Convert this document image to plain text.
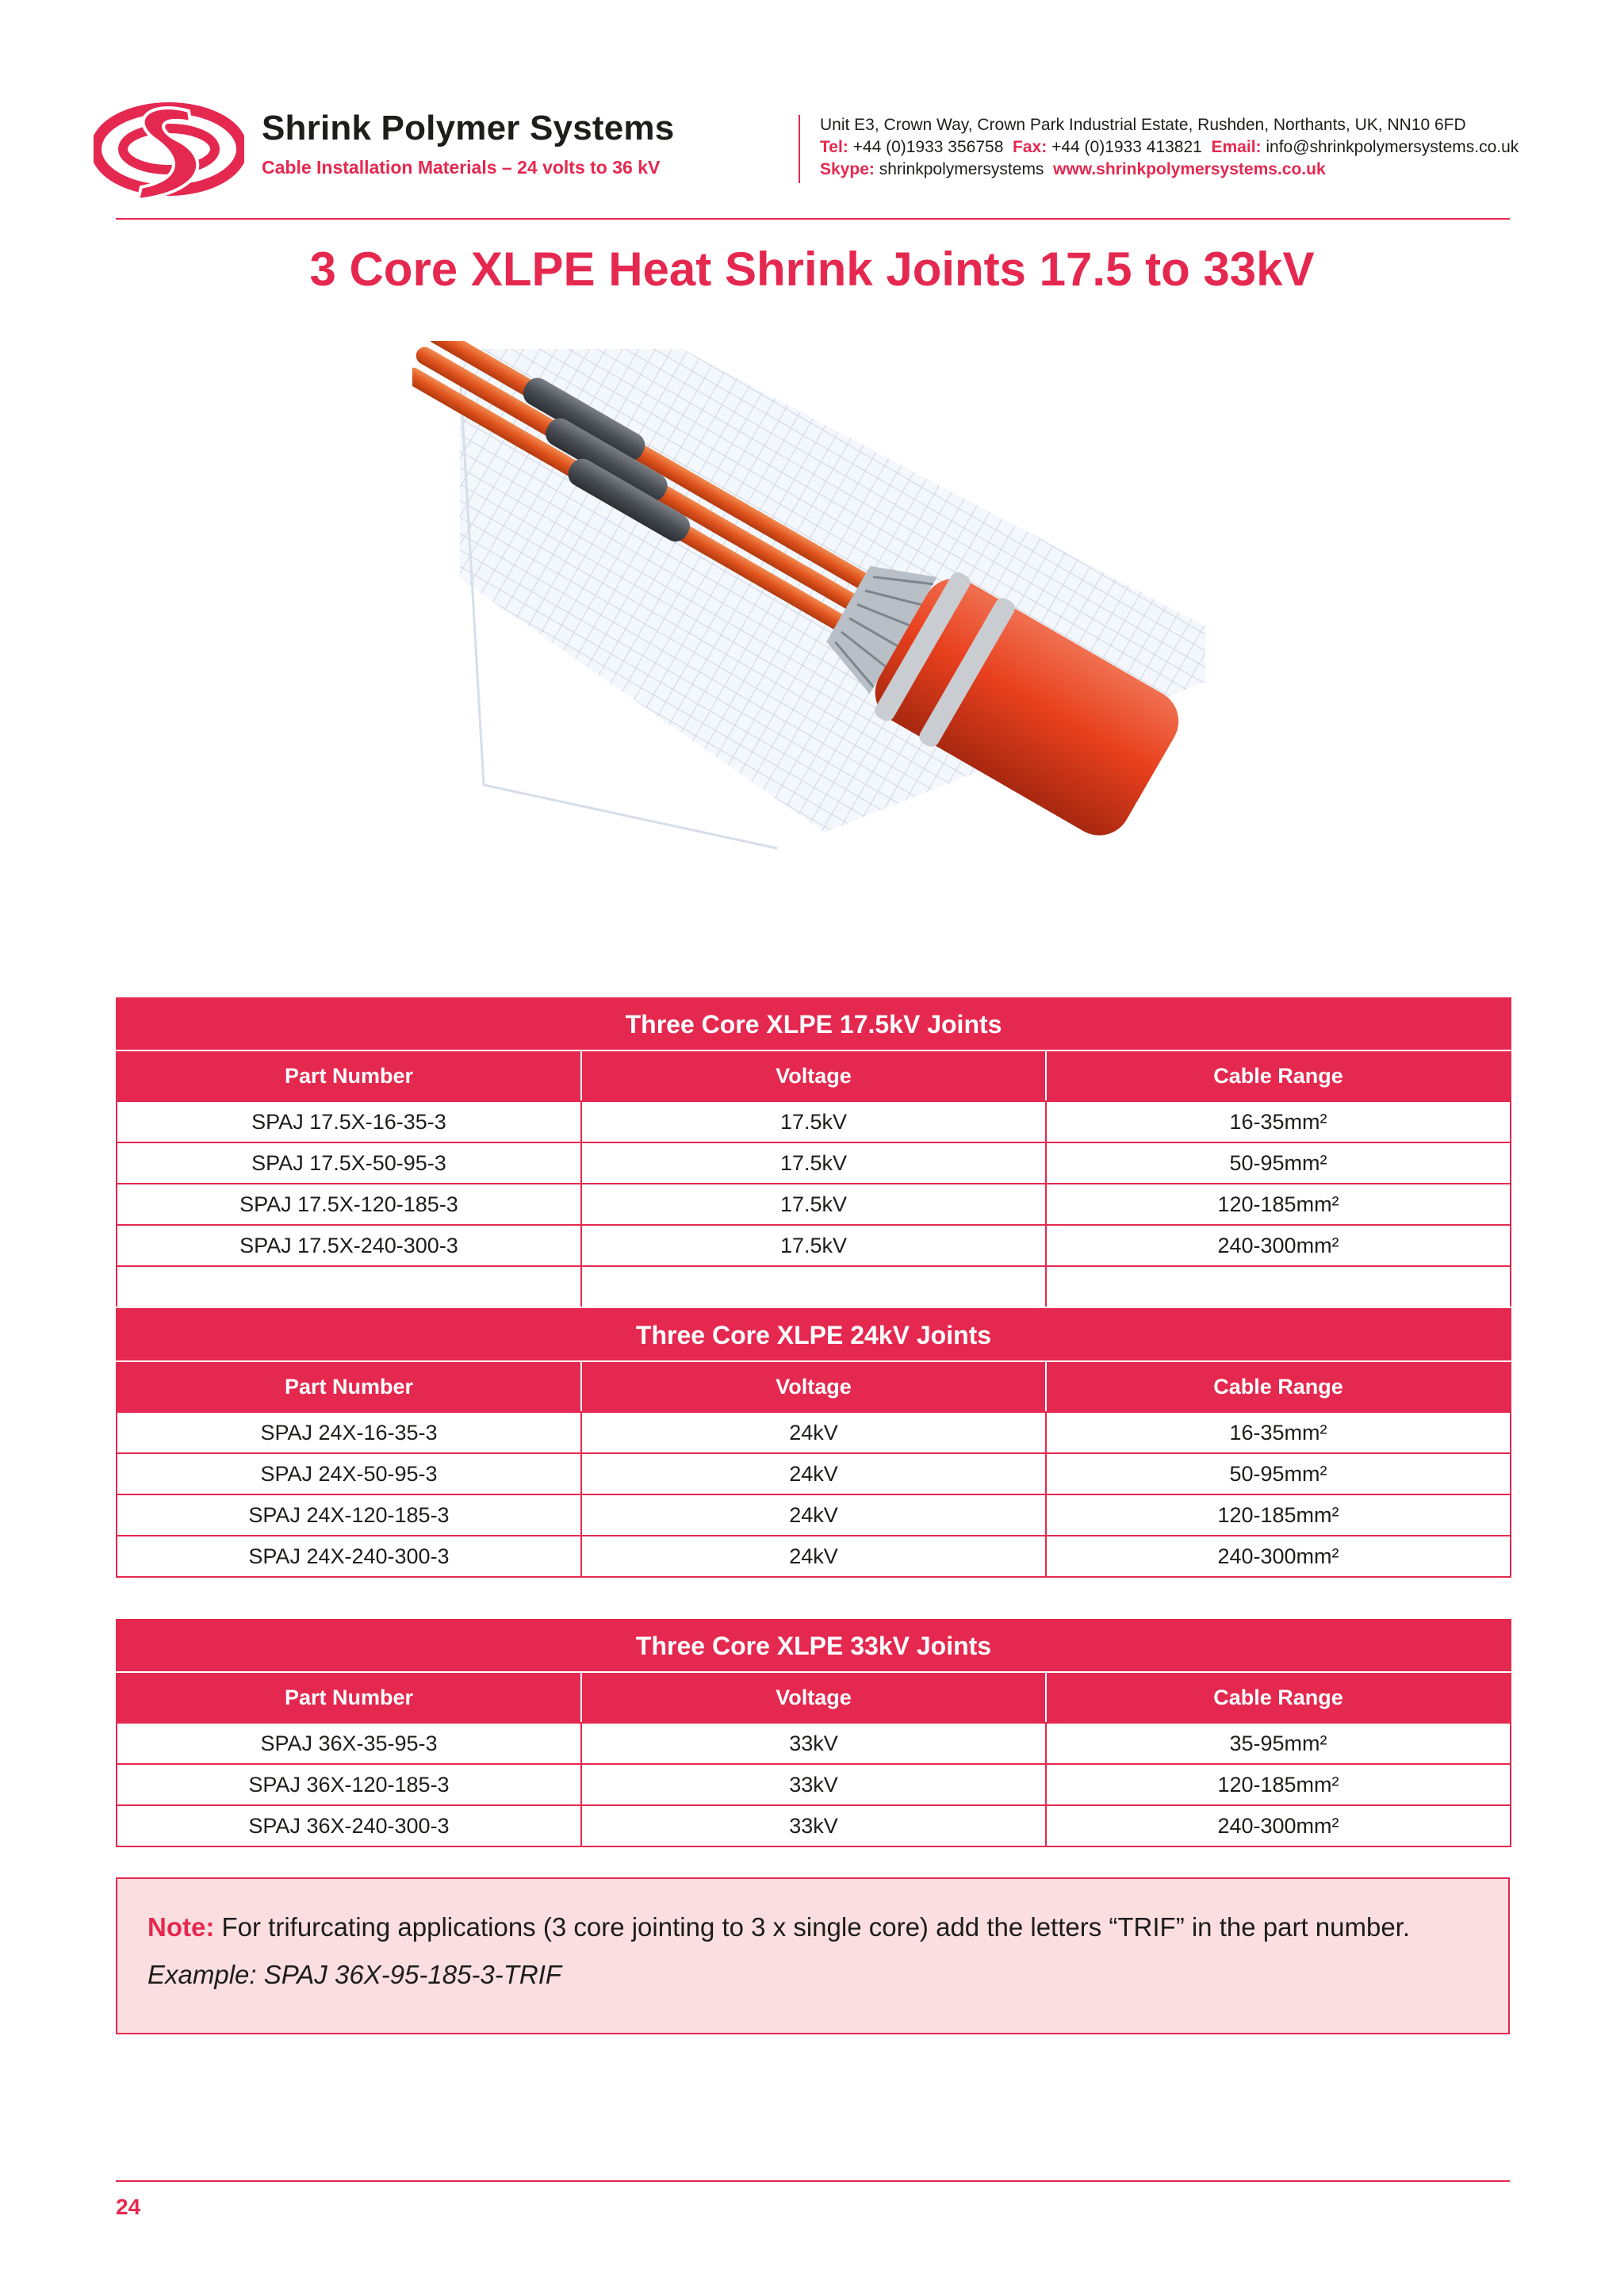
Shrink Polymer Systems
Cable Installation Materials – 24 volts to 36 kV
Unit E3, Crown Way, Crown Park Industrial Estate, Rushden, Northants, UK, NN10 6FD
Tel: +44 (0)1933 356758 Fax: +44 (0)1933 413821 Email: info@shrinkpolymersystems.co.uk
Skype: shrinkpolymersystems www.shrinkpolymersystems.co.uk
3 Core XLPE Heat Shrink Joints 17.5 to 33kV
Three Core XLPE 17.5kV Joints		
Part Number	Voltage	Cable Range
SPAJ 17.5X-16-35-3	17.5kV	16-35mm²
SPAJ 17.5X-50-95-3	17.5kV	50-95mm²
SPAJ 17.5X-120-185-3	17.5kV	120-185mm²
SPAJ 17.5X-240-300-3	17.5kV	240-300mm²

Three Core XLPE 24kV Joints		
Part Number	Voltage	Cable Range
SPAJ 24X-16-35-3	24kV	16-35mm²
SPAJ 24X-50-95-3	24kV	50-95mm²
SPAJ 24X-120-185-3	24kV	120-185mm²
SPAJ 24X-240-300-3	24kV	240-300mm²
Three Core XLPE 33kV Joints		
Part Number	Voltage	Cable Range
SPAJ 36X-35-95-3	33kV	35-95mm²
SPAJ 36X-120-185-3	33kV	120-185mm²
SPAJ 36X-240-300-3	33kV	240-300mm²
Note: For trifurcating applications (3 core jointing to 3 x single core) add the letters “TRIF” in the part number.
Example: SPAJ 36X-95-185-3-TRIF
24
